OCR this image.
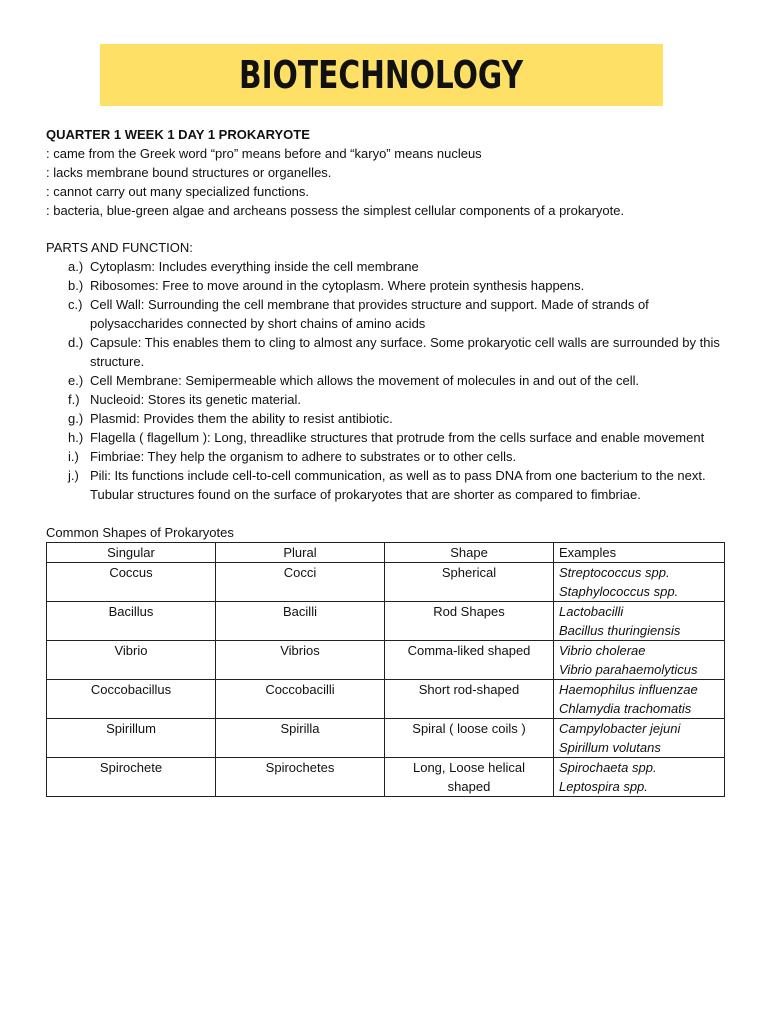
BIOTECHNOLOGY
QUARTER 1 WEEK 1 DAY 1 PROKARYOTE
: came from the Greek word “pro” means before and “karyo” means nucleus
: lacks membrane bound structures or organelles.
: cannot carry out many specialized functions.
: bacteria, blue-green algae and archeans possess the simplest cellular components of a prokaryote.
PARTS AND FUNCTION:
a.) Cytoplasm: Includes everything inside the cell membrane
b.) Ribosomes: Free to move around in the cytoplasm. Where protein synthesis happens.
c.) Cell Wall: Surrounding the cell membrane that provides structure and support. Made of strands of polysaccharides connected by short chains of amino acids
d.) Capsule: This enables them to cling to almost any surface. Some prokaryotic cell walls are surrounded by this structure.
e.) Cell Membrane: Semipermeable which allows the movement of molecules in and out of the cell.
f.) Nucleoid: Stores its genetic material.
g.) Plasmid: Provides them the ability to resist antibiotic.
h.) Flagella ( flagellum ): Long, threadlike structures that protrude from the cells surface and enable movement
i.) Fimbriae: They help the organism to adhere to substrates or to other cells.
j.) Pili: Its functions include cell-to-cell communication, as well as to pass DNA from one bacterium to the next. Tubular structures found on the surface of prokaryotes that are shorter as compared to fimbriae.
Common Shapes of Prokaryotes
Singular	Plural	Shape	Examples
Coccus	Cocci	Spherical	Streptococcus spp.
Staphylococcus spp.

Bacillus	Bacilli	Rod Shapes	Lactobacilli
Bacillus thuringiensis

Vibrio	Vibrios	Comma-liked shaped	Vibrio cholerae
Vibrio parahaemolyticus

Coccobacillus	Coccobacilli	Short rod-shaped	Haemophilus influenzae
Chlamydia trachomatis

Spirillum	Spirilla	Spiral ( loose coils )	Campylobacter jejuni
Spirillum volutans

Spirochete	Spirochetes	Long, Loose helical shaped	Spirochaeta spp.
Leptospira spp.
